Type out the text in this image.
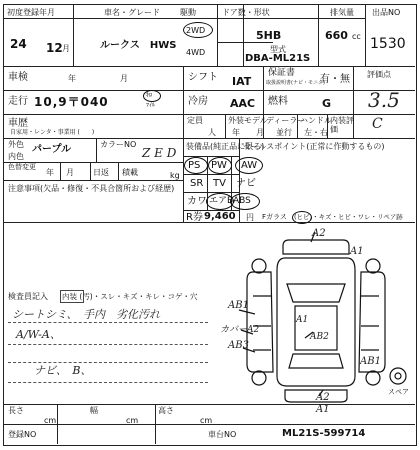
初度登録年月
24 12 月
車名・グレード
ルークス　HWS
駆動
2WD
4WD
ドア数・形状
5HB
型式
DBA-ML21S
排気量
660 cc
出品NO
1530
車検	年	月	シフト IAT
保証書
取扱説明書(ナビ・モニタ)
有・無 評価点
3.5
走行 10,9〒040	ｷﾛ
ﾏｲﾙ	冷房 AAC 燃料	G
車歴
自家用・レンタ・事業用 (　　)
定員
人
外装モデル
年　　月
ディーラー
並行
ハンドル
左・右
内装評価	C
外色
内色
パープル	カラーNO
Z E D
色替変更
年 月 日返 積載	kg
注意事項(欠品・修復・不具合箇所および経歴)
装備品(純正品に限る)
セールスポイント(正常に作動するもの)
PS PW AW
SR TV ナビ
カワ エアB ABS
R券 9,460 円 Fガラス (ヒビ)・キズ・ヒビ・ワレ・リペア跡
検査員記入 内装 (汚)・スレ・キズ・キレ・コゲ・穴
シートシミ、　手内　劣化汚れ
A/W-A、
ナビ、　B、
A2
A1
AB1
カバーA2
AB3
A1
AB2
AB1
A2
A1
スペア
長さ
cm
幅
cm
高さ
cm
登録NO	車台NO	ML21S-599714
